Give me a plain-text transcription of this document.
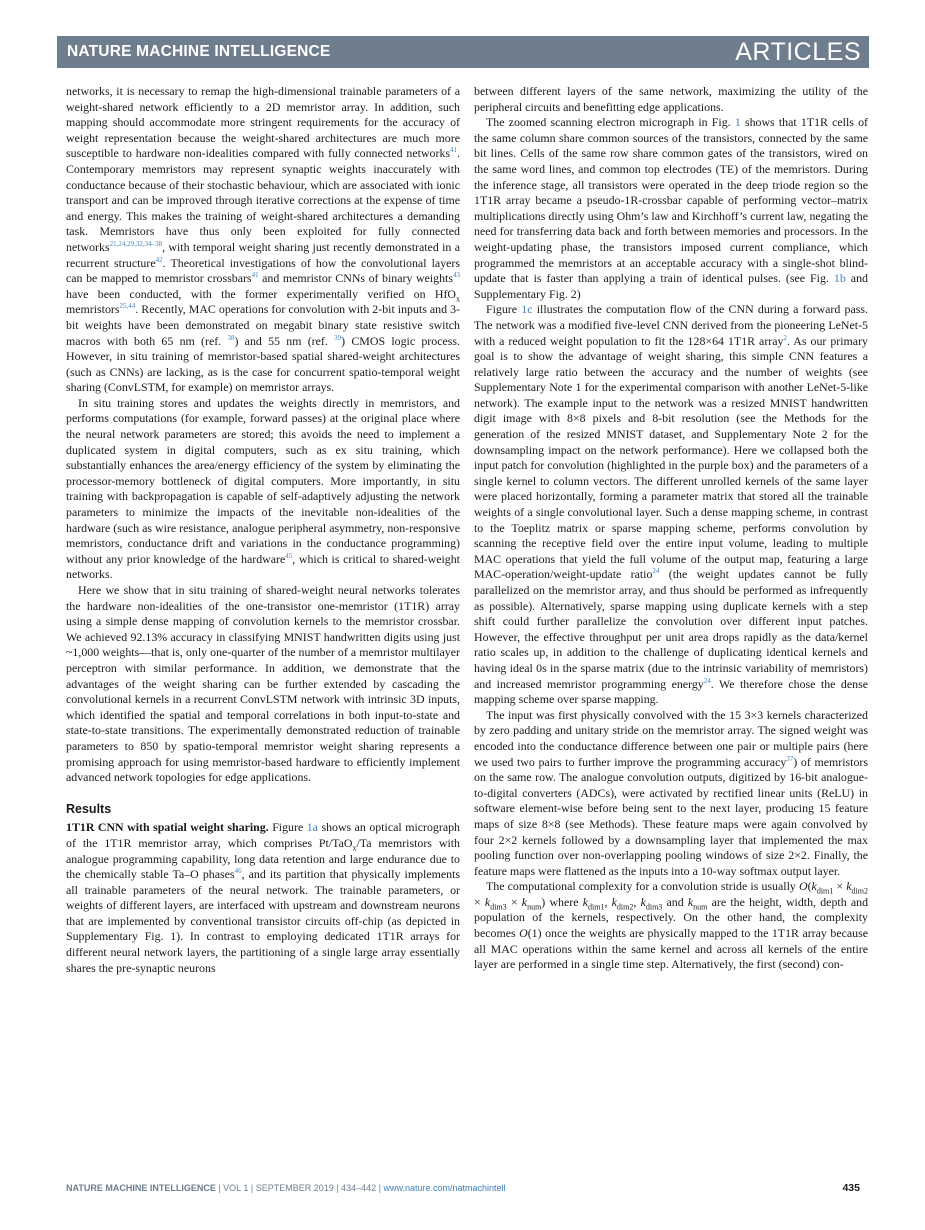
NATURE MACHINE INTELLIGENCE	ARTICLES

networks, it is necessary to remap the high-dimensional trainable parameters of a weight-shared network efficiently to a 2D memristor array. In addition, such mapping should accommodate more stringent requirements for the accuracy of weight representation because the weight-shared architectures are much more susceptible to hardware non-idealities compared with fully connected networks$^{41}$. Contemporary memristors may represent synaptic weights inaccurately with conductance because of their stochastic behaviour, which are associated with ionic transport and can be improved through iterative corrections at the expense of time and energy. This makes the training of weight-shared architectures a demanding task. Memristors have thus only been exploited for fully connected networks$^{21,24,29,32,34-38}$, with temporal weight sharing just recently demonstrated in a recurrent structure$^{42}$. Theoretical investigations of how the convolutional layers can be mapped to memristor crossbars$^{41}$ and memristor CNNs of binary weights$^{43}$ have been conducted, with the former experimentally verified on HfO$_x$ memristors$^{25,44}$. Recently, MAC operations for convolution with 2-bit inputs and 3-bit weights have been demonstrated on megabit binary state resistive switch macros with both 65 nm (ref. $^{38}$) and 55 nm (ref. $^{39}$) CMOS logic process. However, in situ training of memristor-based spatial shared-weight architectures (such as CNNs) are lacking, as is the case for concurrent spatio-temporal weight sharing (ConvLSTM, for example) on memristor arrays.

In situ training stores and updates the weights directly in memristors, and performs computations (for example, forward passes) at the original place where the neural network parameters are stored; this avoids the need to implement a duplicated system in digital computers, such as ex situ training, which substantially enhances the area/energy efficiency of the system by eliminating the processor-memory bottleneck of digital computers. More importantly, in situ training with backpropagation is capable of self-adaptively adjusting the network parameters to minimize the impacts of the inevitable non-idealities of the hardware (such as wire resistance, analogue peripheral asymmetry, non-responsive memristors, conductance drift and variations in the conductance programming) without any prior knowledge of the hardware$^{45}$, which is critical to shared-weight networks.

Here we show that in situ training of shared-weight neural networks tolerates the hardware non-idealities of the one-transistor one-memristor (1T1R) array using a simple dense mapping of convolution kernels to the memristor crossbar. We achieved 92.13% accuracy in classifying MNIST handwritten digits using just ~1,000 weights—that is, only one-quarter of the number of a memristor multilayer perceptron with similar performance. In addition, we demonstrate that the advantages of the weight sharing can be further extended by cascading the convolutional kernels in a recurrent ConvLSTM network with intrinsic 3D inputs, which identified the spatial and temporal correlations in both input-to-state and state-to-state transitions. The experimentally demonstrated reduction of trainable parameters to 850 by spatio-temporal memristor weight sharing represents a promising approach for using memristor-based hardware to efficiently implement advanced network topologies for edge applications.

Results

1T1R CNN with spatial weight sharing. Figure 1a shows an optical micrograph of the 1T1R memristor array, which comprises Pt/TaO$_x$/Ta memristors with analogue programming capability, long data retention and large endurance due to the chemically stable Ta–O phases$^{46}$, and its partition that physically implements all trainable parameters of the neural network. The trainable parameters, or weights of different layers, are interfaced with upstream and downstream neurons that are implemented by conventional transistor circuits off-chip (as depicted in Supplementary Fig. 1). In contrast to employing dedicated 1T1R arrays for different neural network layers, the partitioning of a single large array essentially shares the pre-synaptic neurons

between different layers of the same network, maximizing the utility of the peripheral circuits and benefitting edge applications.

The zoomed scanning electron micrograph in Fig. 1 shows that 1T1R cells of the same column share common sources of the transistors, connected by the same bit lines. Cells of the same row share common gates of the transistors, wired on the same word lines, and common top electrodes (TE) of the memristors. During the inference stage, all transistors were operated in the deep triode region so the 1T1R array became a pseudo-1R-crossbar capable of performing vector–matrix multiplications directly using Ohm’s law and Kirchhoff’s current law, negating the need for transferring data back and forth between memories and processors. In the weight-updating phase, the transistors imposed current compliance, which programmed the memristors at an acceptable accuracy with a single-shot blind-update that is faster than applying a train of identical pulses. (see Fig. 1b and Supplementary Fig. 2)

Figure 1c illustrates the computation flow of the CNN during a forward pass. The network was a modified five-level CNN derived from the pioneering LeNet-5 with a reduced weight population to fit the 128×64 1T1R array$^2$. As our primary goal is to show the advantage of weight sharing, this simple CNN features a relatively large ratio between the accuracy and the number of weights (see Supplementary Note 1 for the experimental comparison with another LeNet-5-like network). The example input to the network was a resized MNIST handwritten digit image with 8×8 pixels and 8-bit resolution (see the Methods for the generation of the resized MNIST dataset, and Supplementary Note 2 for the downsampling impact on the network performance). Here we collapsed both the input patch for convolution (highlighted in the purple box) and the parameters of a single kernel to column vectors. The different unrolled kernels of the same layer were placed horizontally, forming a parameter matrix that stored all the trainable weights of a single convolutional layer. Such a dense mapping scheme, in contrast to the Toeplitz matrix or sparse mapping scheme, performs convolution by scanning the receptive field over the entire input volume, leading to multiple MAC operations that yield the full volume of the output map, featuring a large MAC-operation/weight-update ratio$^{24}$ (the weight updates cannot be fully parallelized on the memristor array, and thus should be performed as infrequently as possible). Alternatively, sparse mapping using duplicate kernels with a step shift could further parallelize the convolution over different input patches. However, the effective throughput per unit area drops rapidly as the data/kernel ratio scales up, in addition to the challenge of duplicating identical kernels and having ideal 0s in the sparse matrix (due to the intrinsic variability of memristors) and increased memristor programming energy$^{24}$. We therefore chose the dense mapping scheme over sparse mapping.

The input was first physically convolved with the 15 3×3 kernels characterized by zero padding and unitary stride on the memristor array. The signed weight was encoded into the conductance difference between one pair or multiple pairs (here we used two pairs to further improve the programming accuracy$^{37}$) of memristors on the same row. The analogue convolution outputs, digitized by 16-bit analogue-to-digital converters (ADCs), were activated by rectified linear units (ReLU) in software element-wise before being sent to the next layer, producing 15 feature maps of size 8×8 (see Methods). These feature maps were again convolved by four 2×2 kernels followed by a downsampling layer that implemented the max pooling function over non-overlapping pooling windows of size 2×2. Finally, the feature maps were flattened as the inputs into a 10-way softmax output layer.

The computational complexity for a convolution stride is usually $O(k_{dim1} \times k_{dim2} \times k_{dim3} \times k_{num})$ where $k_{dim1}$, $k_{dim2}$, $k_{dim3}$ and $k_{num}$ are the height, width, depth and population of the kernels, respectively. On the other hand, the complexity becomes O(1) once the weights are physically mapped to the 1T1R array because all MAC operations within the same kernel and across all kernels of the entire layer are performed in a single time step. Alternatively, the first (second) con-

NATURE MACHINE INTELLIGENCE | VOL 1 | SEPTEMBER 2019 | 434–442 | www.nature.com/natmachintell	435
